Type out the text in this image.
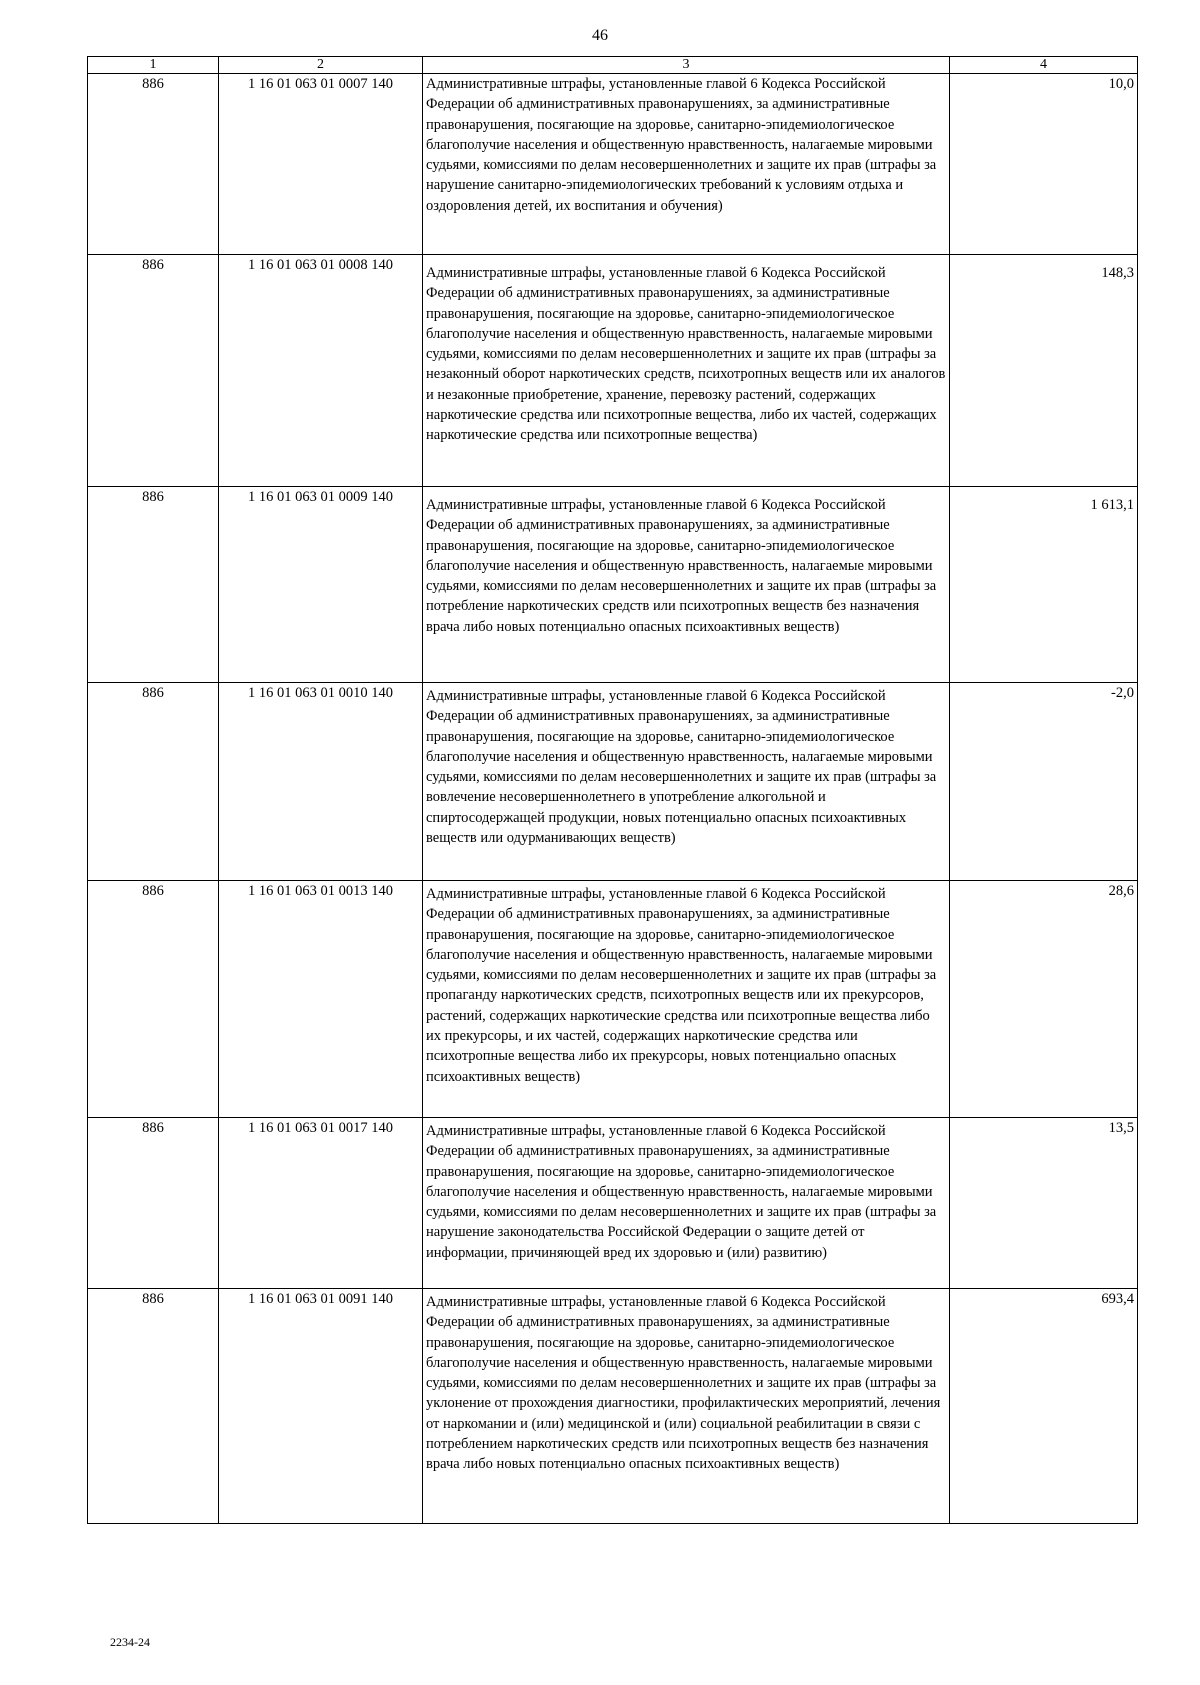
46
1	2	3	4
886	1 16 01 063 01 0007 140	Административные штрафы, установленные главой 6 Кодекса Российской Федерации об административных правонарушениях, за административные правонарушения, посягающие на здоровье, санитарно-эпидемиологическое благополучие населения и общественную нравственность, налагаемые мировыми судьями, комиссиями по делам несовершеннолетних и защите их прав (штрафы за нарушение санитарно-эпидемиологических требований к условиям отдыха и оздоровления детей, их воспитания и обучения)	10,0
886	1 16 01 063 01 0008 140	Административные штрафы, установленные главой 6 Кодекса Российской Федерации об административных правонарушениях, за административные правонарушения, посягающие на здоровье, санитарно-эпидемиологическое благополучие населения и общественную нравственность, налагаемые мировыми судьями, комиссиями по делам несовершеннолетних и защите их прав (штрафы за незаконный оборот наркотических средств, психотропных веществ или их аналогов и незаконные приобретение, хранение, перевозку растений, содержащих наркотические средства или психотропные вещества, либо их частей, содержащих наркотические средства или психотропные вещества)	148,3
886	1 16 01 063 01 0009 140	Административные штрафы, установленные главой 6 Кодекса Российской Федерации об административных правонарушениях, за административные правонарушения, посягающие на здоровье, санитарно-эпидемиологическое благополучие населения и общественную нравственность, налагаемые мировыми судьями, комиссиями по делам несовершеннолетних и защите их прав (штрафы за потребление наркотических средств или психотропных веществ без назначения врача либо новых потенциально опасных психоактивных веществ)	1 613,1
886	1 16 01 063 01 0010 140	Административные штрафы, установленные главой 6 Кодекса Российской Федерации об административных правонарушениях, за административные правонарушения, посягающие на здоровье, санитарно-эпидемиологическое благополучие населения и общественную нравственность, налагаемые мировыми судьями, комиссиями по делам несовершеннолетних и защите их прав (штрафы за вовлечение несовершеннолетнего в употребление алкогольной и спиртосодержащей продукции, новых потенциально опасных психоактивных веществ или одурманивающих веществ)	-2,0
886	1 16 01 063 01 0013 140	Административные штрафы, установленные главой 6 Кодекса Российской Федерации об административных правонарушениях, за административные правонарушения, посягающие на здоровье, санитарно-эпидемиологическое благополучие населения и общественную нравственность, налагаемые мировыми судьями, комиссиями по делам несовершеннолетних и защите их прав (штрафы за пропаганду наркотических средств, психотропных веществ или их прекурсоров, растений, содержащих наркотические средства или психотропные вещества либо их прекурсоры, и их частей, содержащих наркотические средства или психотропные вещества либо их прекурсоры, новых потенциально опасных психоактивных веществ)	28,6
886	1 16 01 063 01 0017 140	Административные штрафы, установленные главой 6 Кодекса Российской Федерации об административных правонарушениях, за административные правонарушения, посягающие на здоровье, санитарно-эпидемиологическое благополучие населения и общественную нравственность, налагаемые мировыми судьями, комиссиями по делам несовершеннолетних и защите их прав (штрафы за нарушение законодательства Российской Федерации о защите детей от информации, причиняющей вред их здоровью и (или) развитию)	13,5
886	1 16 01 063 01 0091 140	Административные штрафы, установленные главой 6 Кодекса Российской Федерации об административных правонарушениях, за административные правонарушения, посягающие на здоровье, санитарно-эпидемиологическое благополучие населения и общественную нравственность, налагаемые мировыми судьями, комиссиями по делам несовершеннолетних и защите их прав (штрафы за уклонение от прохождения диагностики, профилактических мероприятий, лечения от наркомании и (или) медицинской и (или) социальной реабилитации в связи с потреблением наркотических средств или психотропных веществ без назначения врача либо новых потенциально опасных психоактивных веществ)	693,4
2234-24
